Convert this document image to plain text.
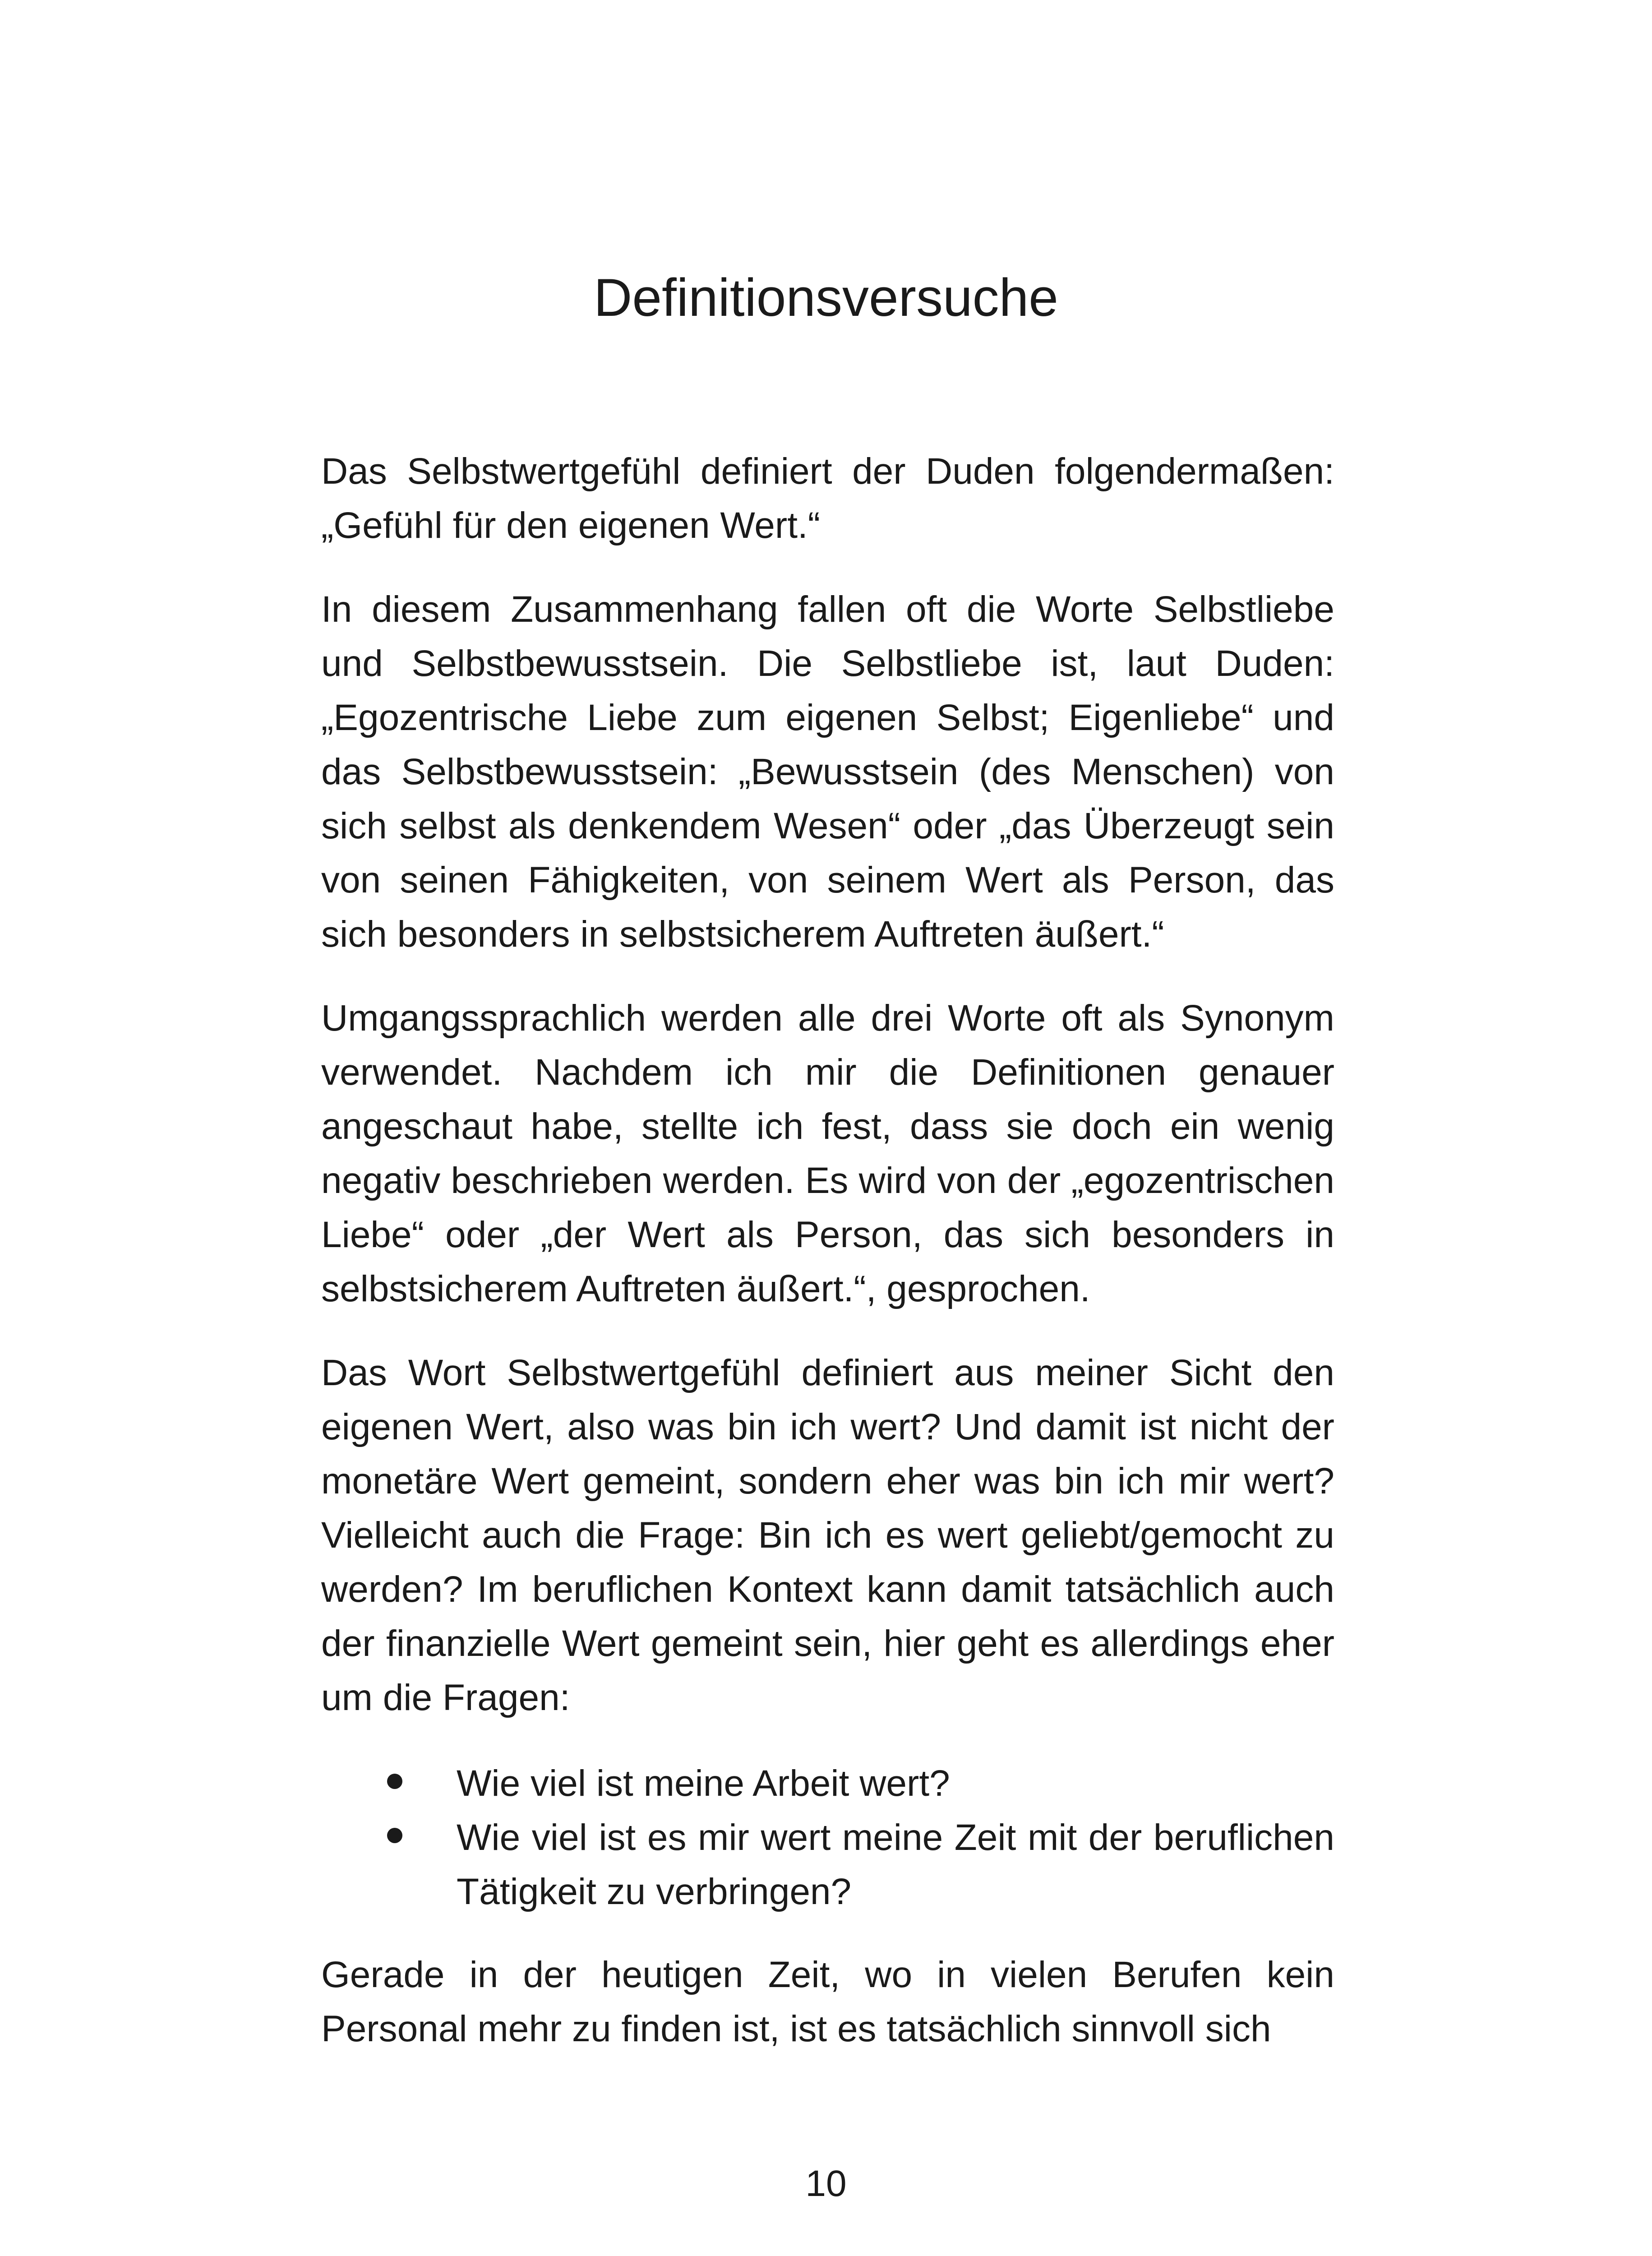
Definitionsversuche

Das Selbstwertgefühl definiert der Duden folgendermaßen: „Gefühl für den eigenen Wert.“

In diesem Zusammenhang fallen oft die Worte Selbstliebe und Selbstbewusstsein. Die Selbstliebe ist, laut Duden: „Egozentrische Liebe zum eigenen Selbst; Eigenliebe“ und das Selbstbewusstsein: „Bewusstsein (des Menschen) von sich selbst als denkendem Wesen“ oder „das Überzeugt sein von seinen Fähigkeiten, von seinem Wert als Person, das sich besonders in selbstsicherem Auftreten äußert.“

Umgangssprachlich werden alle drei Worte oft als Synonym verwendet. Nachdem ich mir die Definitionen genauer angeschaut habe, stellte ich fest, dass sie doch ein wenig negativ beschrieben werden. Es wird von der „egozentrischen Liebe“ oder „der Wert als Person, das sich besonders in selbstsicherem Auftreten äußert.“, gesprochen.

Das Wort Selbstwertgefühl definiert aus meiner Sicht den eigenen Wert, also was bin ich wert? Und damit ist nicht der monetäre Wert gemeint, sondern eher was bin ich mir wert? Vielleicht auch die Frage: Bin ich es wert geliebt/gemocht zu werden? Im beruflichen Kontext kann damit tatsächlich auch der finanzielle Wert gemeint sein, hier geht es allerdings eher um die Fragen:

Wie viel ist meine Arbeit wert?
Wie viel ist es mir wert meine Zeit mit der beruflichen Tätigkeit zu verbringen?

Gerade in der heutigen Zeit, wo in vielen Berufen kein Personal mehr zu finden ist, ist es tatsächlich sinnvoll sich

10
